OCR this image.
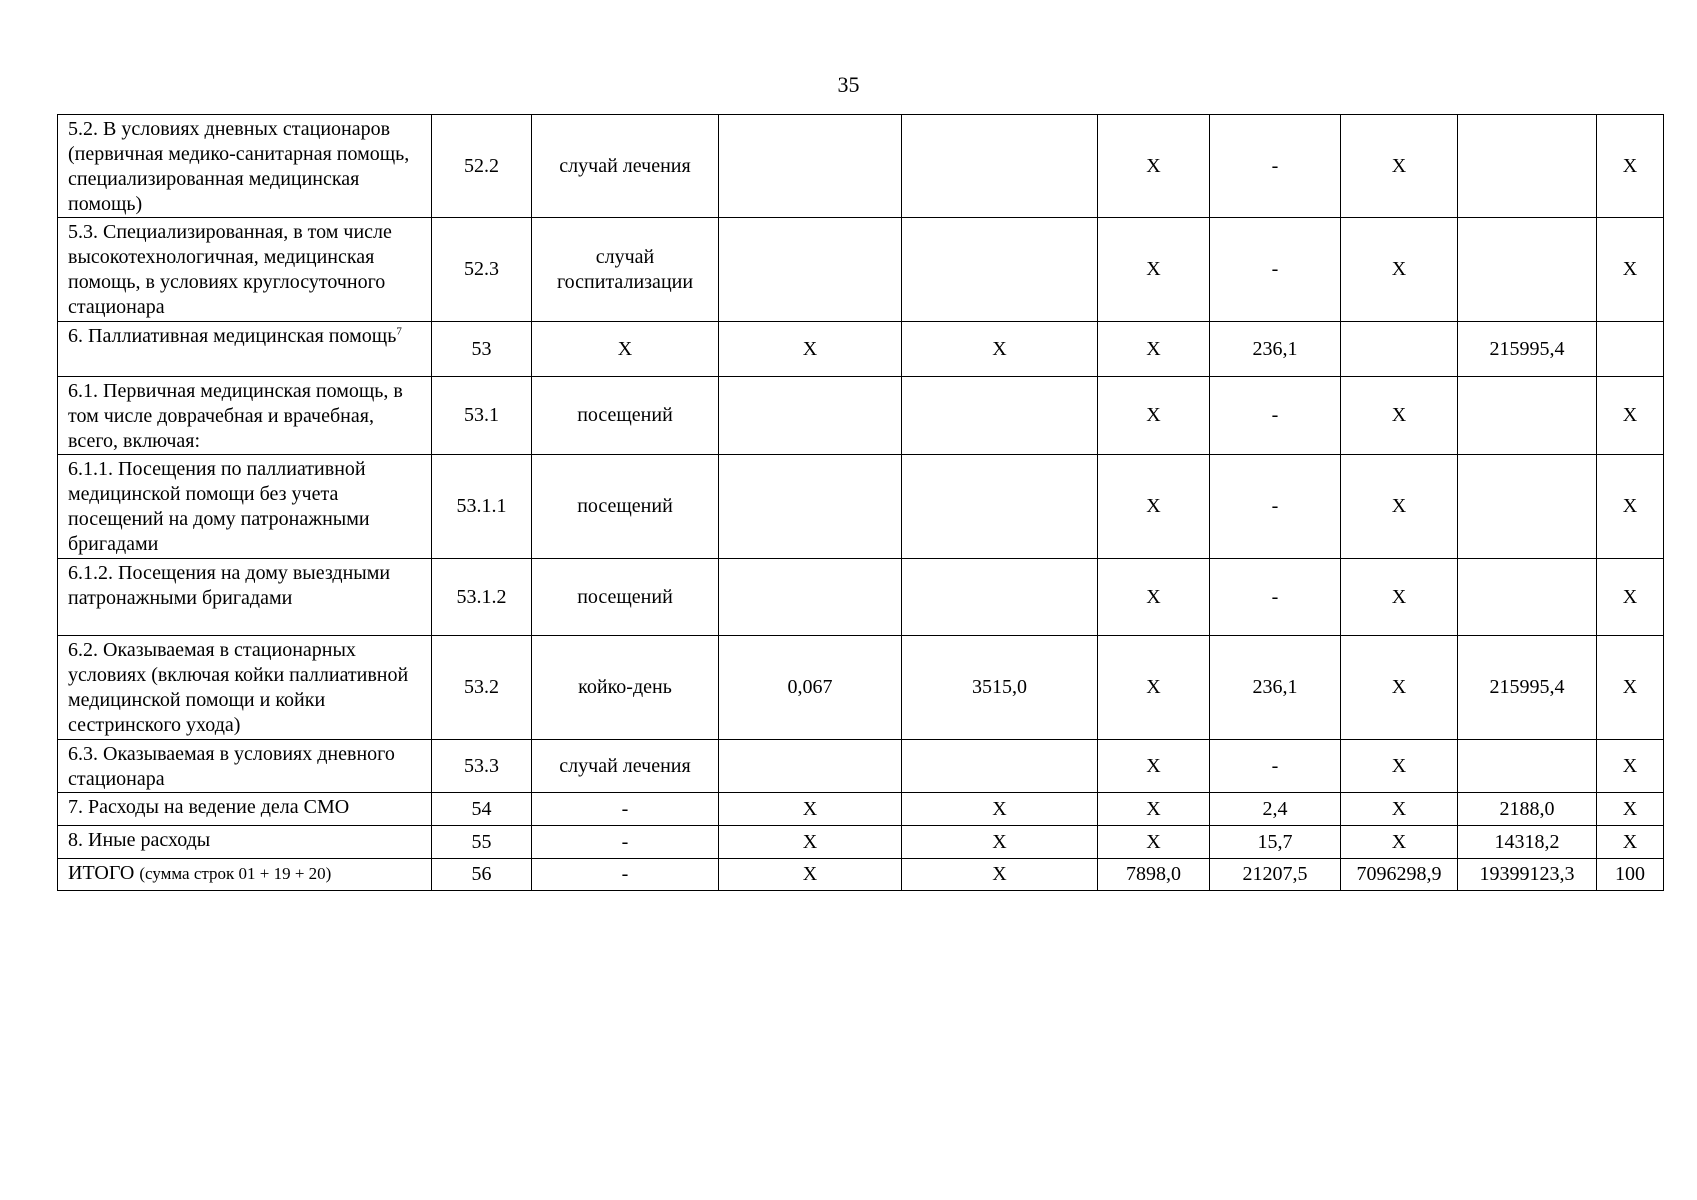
35
5.2. В условиях дневных стационаров (первичная медико-санитарная помощь, специализированная медицинская помощь)	52.2	случай лечения			Х	-	Х		Х
5.3. Специализированная, в том числе высокотехнологичная, медицинская помощь, в условиях круглосуточного стационара	52.3	случай госпитализации			Х	-	Х		Х
6. Паллиативная медицинская помощь$^7$	53	Х	Х	Х	Х	236,1		215995,4	
6.1. Первичная медицинская помощь, в том числе доврачебная и врачебная, всего, включая:	53.1	посещений			Х	-	Х		Х
6.1.1. Посещения по паллиативной медицинской помощи без учета посещений на дому патронажными бригадами	53.1.1	посещений			Х	-	Х		Х
6.1.2. Посещения на дому выездными патронажными бригадами	53.1.2	посещений			Х	-	Х		Х
6.2. Оказываемая в стационарных условиях (включая койки паллиативной медицинской помощи и койки сестринского ухода)	53.2	койко-день	0,067	3515,0	Х	236,1	Х	215995,4	Х
6.3. Оказываемая в условиях дневного стационара	53.3	случай лечения			Х	-	Х		Х
7. Расходы на ведение дела СМО	54	-	Х	Х	Х	2,4	Х	2188,0	Х
8. Иные расходы	55	-	Х	Х	Х	15,7	Х	14318,2	Х
ИТОГО (сумма строк 01 + 19 + 20)	56	-	Х	Х	7898,0	21207,5	7096298,9	19399123,3	100
